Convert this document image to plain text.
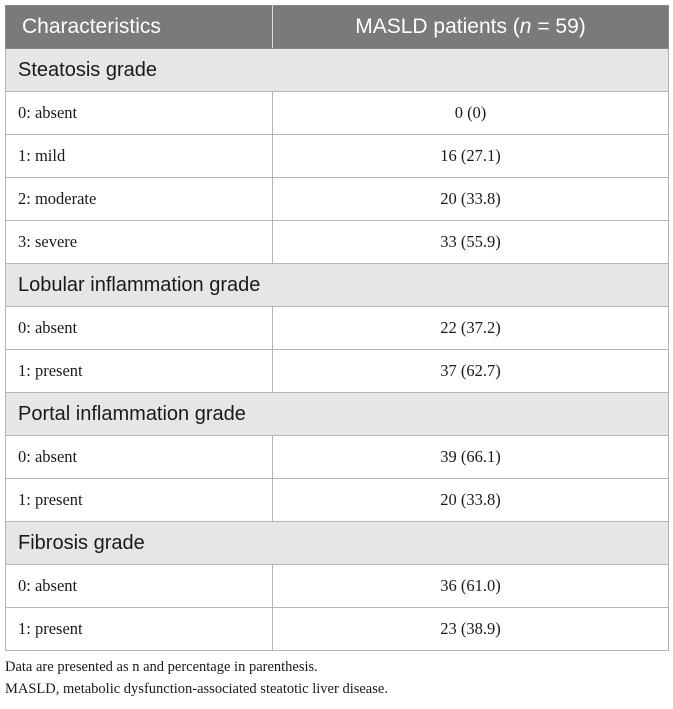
Characteristics	MASLD patients (n = 59)
Steatosis grade	
0: absent	0 (0)
1: mild	16 (27.1)
2: moderate	20 (33.8)
3: severe	33 (55.9)
Lobular inflammation grade	
0: absent	22 (37.2)
1: present	37 (62.7)
Portal inflammation grade	
0: absent	39 (66.1)
1: present	20 (33.8)
Fibrosis grade	
0: absent	36 (61.0)
1: present	23 (38.9)
Data are presented as n and percentage in parenthesis.
MASLD, metabolic dysfunction-associated steatotic liver disease.
